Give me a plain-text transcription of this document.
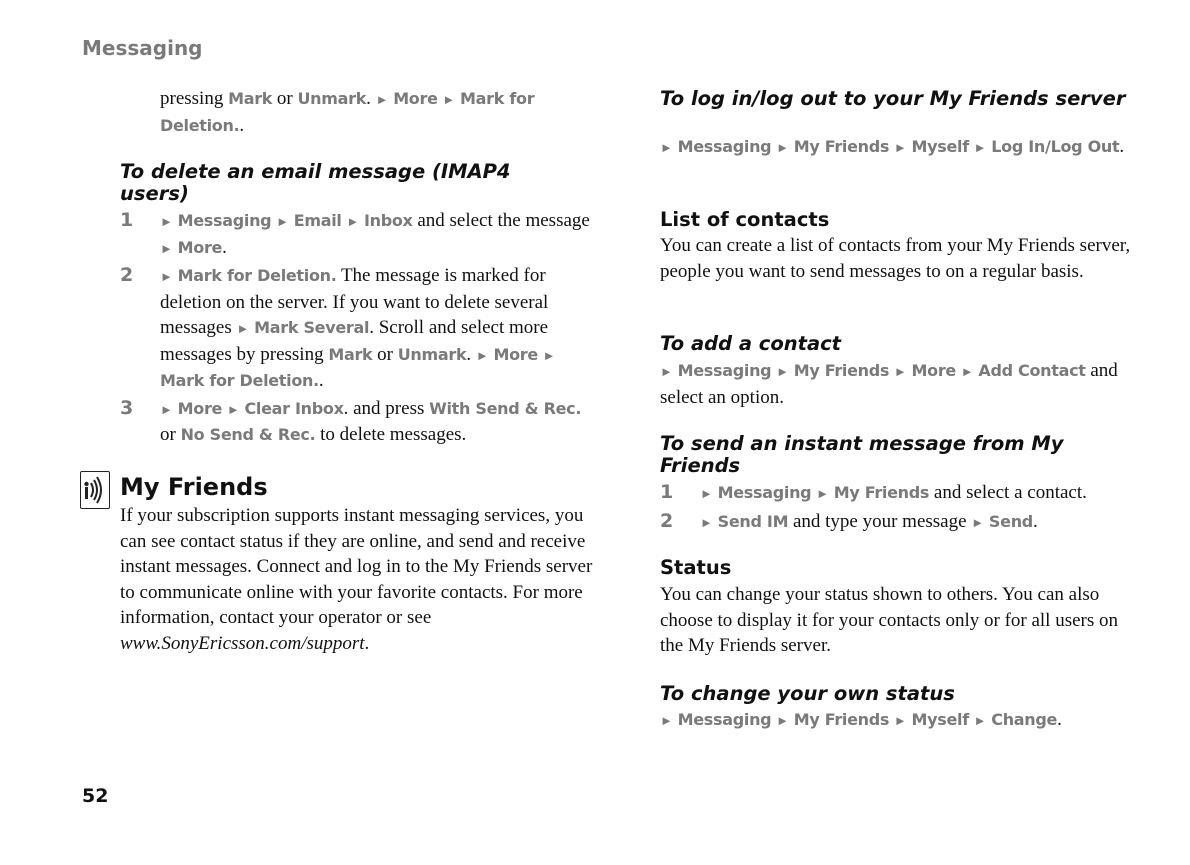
Messaging
pressing Mark or Unmark. ► More ► Mark for Deletion..
To delete an email message (IMAP4 users)
1 ► Messaging ► Email ► Inbox and select the message ► More.
2 ► Mark for Deletion. The message is marked for deletion on the server. If you want to delete several messages ► Mark Several. Scroll and select more messages by pressing Mark or Unmark. ► More ► Mark for Deletion..
3 ► More ► Clear Inbox. and press With Send & Rec. or No Send & Rec. to delete messages.
My Friends
If your subscription supports instant messaging services, you can see contact status if they are online, and send and receive instant messages. Connect and log in to the My Friends server to communicate online with your favorite contacts. For more information, contact your operator or see www.SonyEricsson.com/support.
To log in/log out to your My Friends server
► Messaging ► My Friends ► Myself ► Log In/Log Out.
List of contacts
You can create a list of contacts from your My Friends server, people you want to send messages to on a regular basis.
To add a contact
► Messaging ► My Friends ► More ► Add Contact and select an option.
To send an instant message from My Friends
1 ► Messaging ► My Friends and select a contact.
2 ► Send IM and type your message ► Send.
Status
You can change your status shown to others. You can also choose to display it for your contacts only or for all users on the My Friends server.
To change your own status
► Messaging ► My Friends ► Myself ► Change.
52
